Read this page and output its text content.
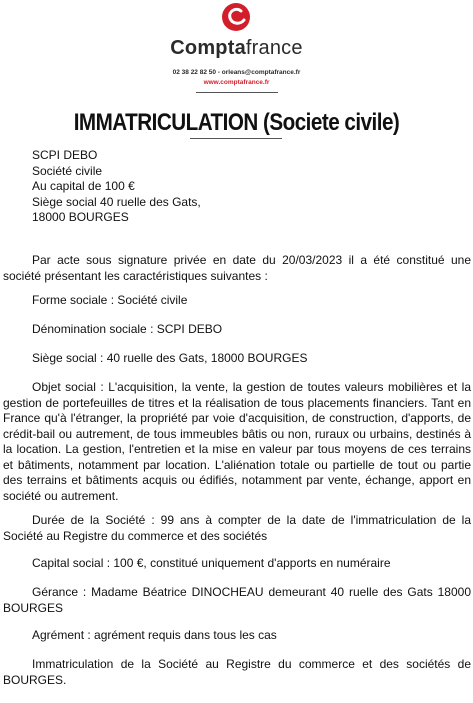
Comptafrance
02 38 22 82 50 - orleans@comptafrance.fr
www.comptafrance.fr
IMMATRICULATION (Societe civile)
SCPI DEBO
Société civile
Au capital de 100 €
Siège social 40 ruelle des Gats,
18000 BOURGES
Par acte sous signature privée en date du 20/03/2023 il a été constitué une société présentant les caractéristiques suivantes :
Forme sociale : Société civile
Dénomination sociale : SCPI DEBO
Siège social : 40 ruelle des Gats, 18000 BOURGES
Objet social : L'acquisition, la vente, la gestion de toutes valeurs mobilières et la gestion de portefeuilles de titres et la réalisation de tous placements financiers. Tant en France qu'à l'étranger, la propriété par voie d'acquisition, de construction, d'apports, de crédit-bail ou autrement, de tous immeubles bâtis ou non, ruraux ou urbains, destinés à la location. La gestion, l'entretien et la mise en valeur par tous moyens de ces terrains et bâtiments, notamment par location. L'aliénation totale ou partielle de tout ou partie des terrains et bâtiments acquis ou édifiés, notamment par vente, échange, apport en société ou autrement.
Durée de la Société : 99 ans à compter de la date de l'immatriculation de la Société au Registre du commerce et des sociétés
Capital social : 100 €, constitué uniquement d'apports en numéraire
Gérance : Madame Béatrice DINOCHEAU demeurant 40 ruelle des Gats 18000 BOURGES
Agrément : agrément requis dans tous les cas
Immatriculation de la Société au Registre du commerce et des sociétés de BOURGES.
